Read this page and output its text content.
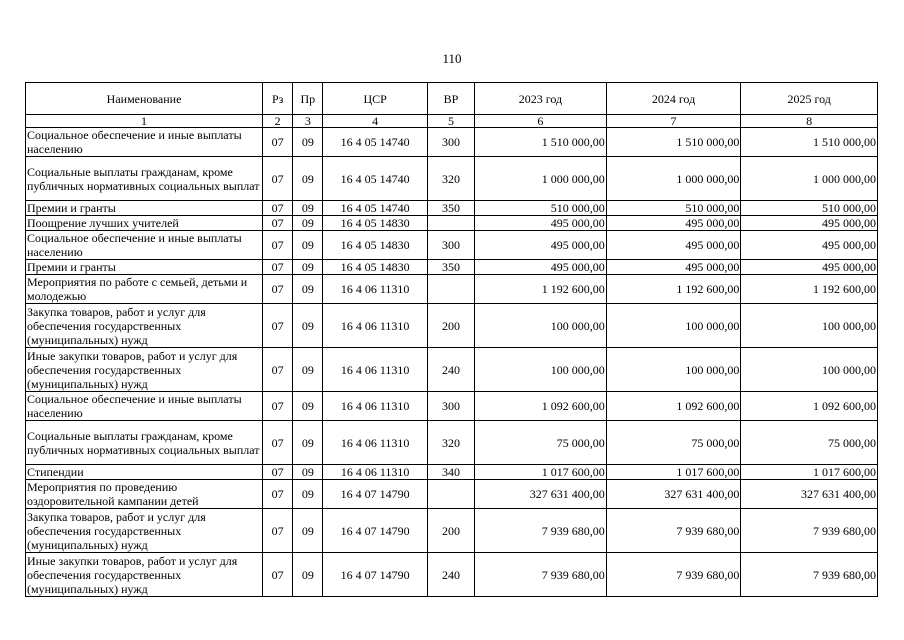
110
Наименование	Рз	Пр	ЦСР	ВР	2023 год	2024 год	2025 год
1	2	3	4	5	6	7	8
Социальное обеспечение и иные выплаты населению	07	09	16 4 05 14740	300	1 510 000,00	1 510 000,00	1 510 000,00
Социальные выплаты гражданам, кроме публичных нормативных социальных выплат	07	09	16 4 05 14740	320	1 000 000,00	1 000 000,00	1 000 000,00
Премии и гранты	07	09	16 4 05 14740	350	510 000,00	510 000,00	510 000,00
Поощрение лучших учителей	07	09	16 4 05 14830		495 000,00	495 000,00	495 000,00
Социальное обеспечение и иные выплаты населению	07	09	16 4 05 14830	300	495 000,00	495 000,00	495 000,00
Премии и гранты	07	09	16 4 05 14830	350	495 000,00	495 000,00	495 000,00
Мероприятия по работе с семьей, детьми и молодежью	07	09	16 4 06 11310		1 192 600,00	1 192 600,00	1 192 600,00
Закупка товаров, работ и услуг для обеспечения государственных (муниципальных) нужд	07	09	16 4 06 11310	200	100 000,00	100 000,00	100 000,00
Иные закупки товаров, работ и услуг для обеспечения государственных (муниципальных) нужд	07	09	16 4 06 11310	240	100 000,00	100 000,00	100 000,00
Социальное обеспечение и иные выплаты населению	07	09	16 4 06 11310	300	1 092 600,00	1 092 600,00	1 092 600,00
Социальные выплаты гражданам, кроме публичных нормативных социальных выплат	07	09	16 4 06 11310	320	75 000,00	75 000,00	75 000,00
Стипендии	07	09	16 4 06 11310	340	1 017 600,00	1 017 600,00	1 017 600,00
Мероприятия по проведению оздоровительной кампании детей	07	09	16 4 07 14790		327 631 400,00	327 631 400,00	327 631 400,00
Закупка товаров, работ и услуг для обеспечения государственных (муниципальных) нужд	07	09	16 4 07 14790	200	7 939 680,00	7 939 680,00	7 939 680,00
Иные закупки товаров, работ и услуг для обеспечения государственных (муниципальных) нужд	07	09	16 4 07 14790	240	7 939 680,00	7 939 680,00	7 939 680,00
